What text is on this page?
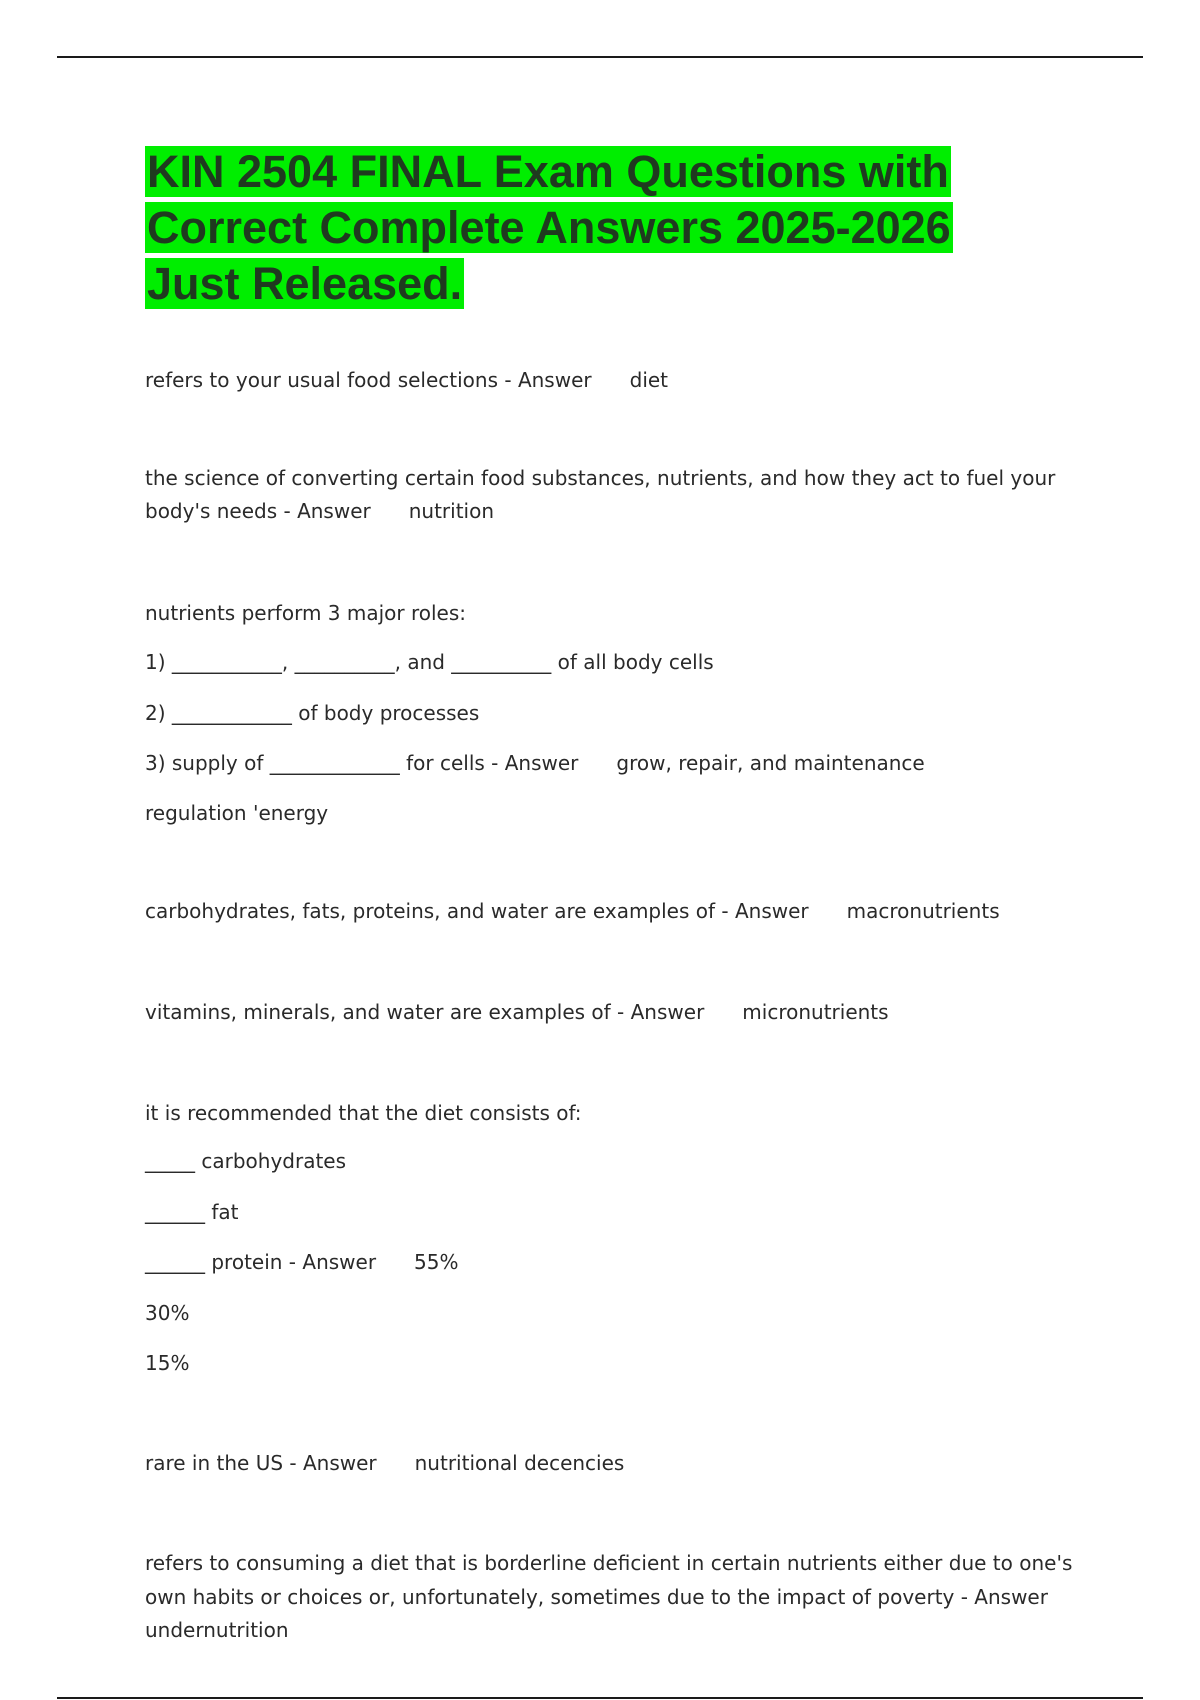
KIN 2504 FINAL Exam Questions with Correct Complete Answers 2025-2026 Just Released.
refers to your usual food selections - Answer diet
the science of converting certain food substances, nutrients, and how they act to fuel your
body's needs - Answer nutrition
nutrients perform 3 major roles:
1) ___________, __________, and __________ of all body cells
2) ____________ of body processes
3) supply of _____________ for cells - Answer grow, repair, and maintenance
regulation 'energy
carbohydrates, fats, proteins, and water are examples of - Answer macronutrients
vitamins, minerals, and water are examples of - Answer micronutrients
it is recommended that the diet consists of:
_____ carbohydrates
______ fat
______ protein - Answer 55%
30%
15%
rare in the US - Answer nutritional decencies
refers to consuming a diet that is borderline deficient in certain nutrients either due to one's
own habits or choices or, unfortunately, sometimes due to the impact of poverty - Answer
undernutrition
